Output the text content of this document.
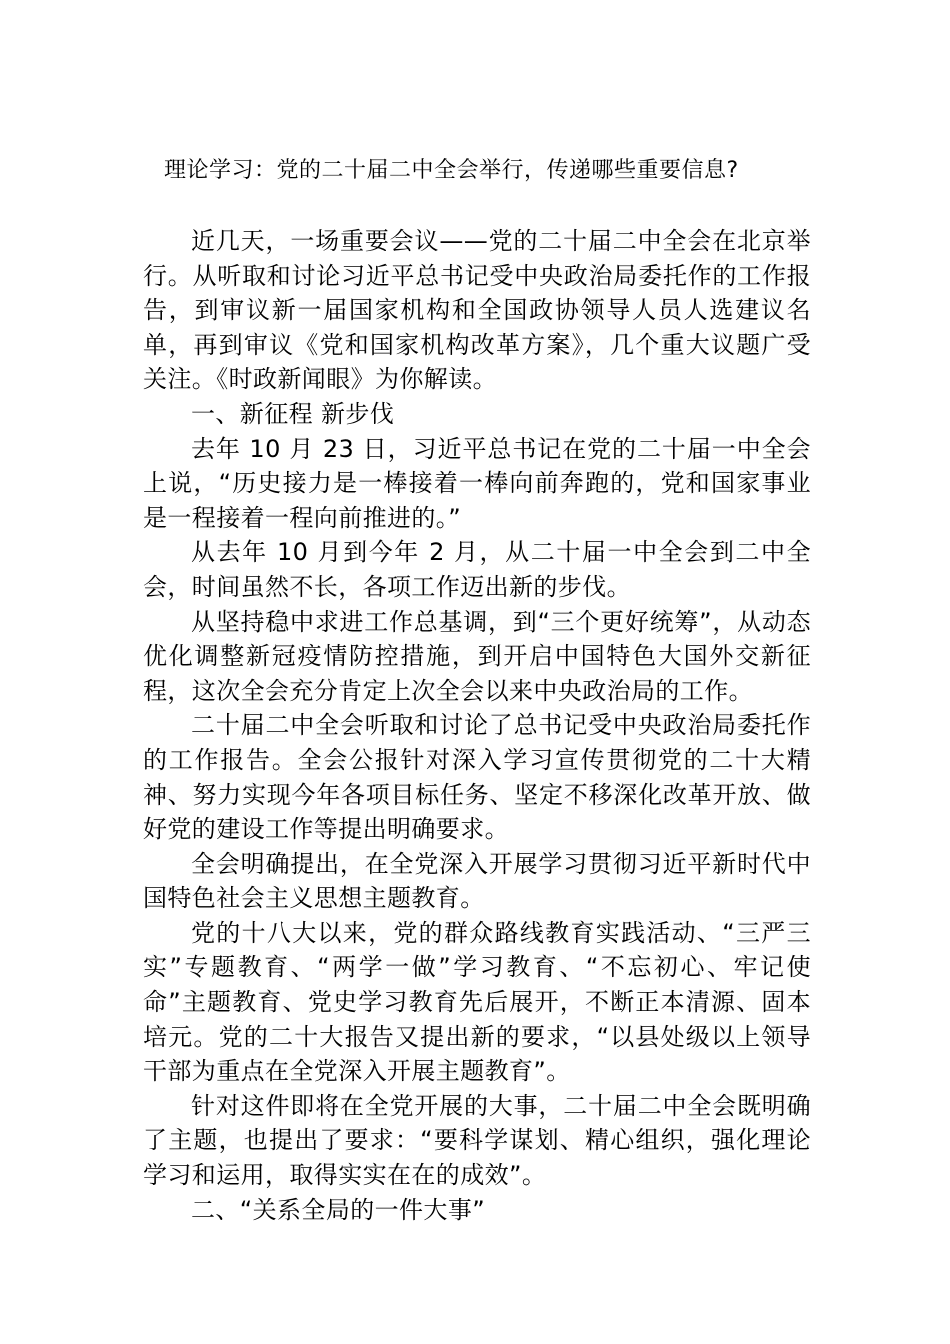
理论学习：党的二十届二中全会举行，传递哪些重要信息?

近几天，一场重要会议——党的二十届二中全会在北京举行。从听取和讨论习近平总书记受中央政治局委托作的工作报告，到审议新一届国家机构和全国政协领导人员人选建议名单，再到审议《党和国家机构改革方案》，几个重大议题广受关注。《时政新闻眼》为你解读。

一、新征程 新步伐

去年 10 月 23 日，习近平总书记在党的二十届一中全会上说，“历史接力是一棒接着一棒向前奔跑的，党和国家事业是一程接着一程向前推进的。”

从去年 10 月到今年 2 月，从二十届一中全会到二中全会，时间虽然不长，各项工作迈出新的步伐。

从坚持稳中求进工作总基调，到“三个更好统筹”，从动态优化调整新冠疫情防控措施，到开启中国特色大国外交新征程，这次全会充分肯定上次全会以来中央政治局的工作。

二十届二中全会听取和讨论了总书记受中央政治局委托作的工作报告。全会公报针对深入学习宣传贯彻党的二十大精神、努力实现今年各项目标任务、坚定不移深化改革开放、做好党的建设工作等提出明确要求。

全会明确提出，在全党深入开展学习贯彻习近平新时代中国特色社会主义思想主题教育。

党的十八大以来，党的群众路线教育实践活动、“三严三实”专题教育、“两学一做”学习教育、“不忘初心、牢记使命”主题教育、党史学习教育先后展开，不断正本清源、固本培元。党的二十大报告又提出新的要求，“以县处级以上领导干部为重点在全党深入开展主题教育”。

针对这件即将在全党开展的大事，二十届二中全会既明确了主题，也提出了要求：“要科学谋划、精心组织，强化理论学习和运用，取得实实在在的成效”。

二、“关系全局的一件大事”
